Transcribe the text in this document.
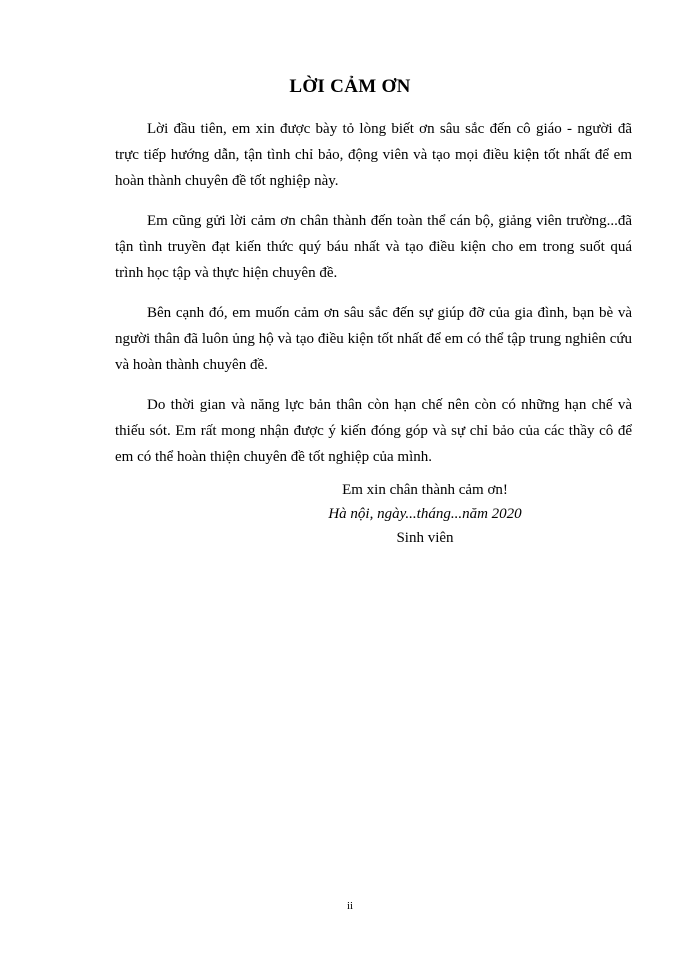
LỜI CẢM ƠN

Lời đầu tiên, em xin được bày tỏ lòng biết ơn sâu sắc đến cô giáo - người đã trực tiếp hướng dẫn, tận tình chỉ bảo, động viên và tạo mọi điều kiện tốt nhất để em hoàn thành chuyên đề tốt nghiệp này.

Em cũng gửi lời cảm ơn chân thành đến toàn thể cán bộ, giảng viên trường...đã tận tình truyền đạt kiến thức quý báu nhất và tạo điều kiện cho em trong suốt quá trình học tập và thực hiện chuyên đề.

Bên cạnh đó, em muốn cảm ơn sâu sắc đến sự giúp đỡ của gia đình, bạn bè và người thân đã luôn ủng hộ và tạo điều kiện tốt nhất để em có thể tập trung nghiên cứu và hoàn thành chuyên đề.

Do thời gian và năng lực bản thân còn hạn chế nên còn có những hạn chế và thiếu sót. Em rất mong nhận được ý kiến đóng góp và sự chỉ bảo của các thầy cô để em có thể hoàn thiện chuyên đề tốt nghiệp của mình.

Em xin chân thành cảm ơn!
Hà nội, ngày...tháng...năm 2020
Sinh viên
ii
